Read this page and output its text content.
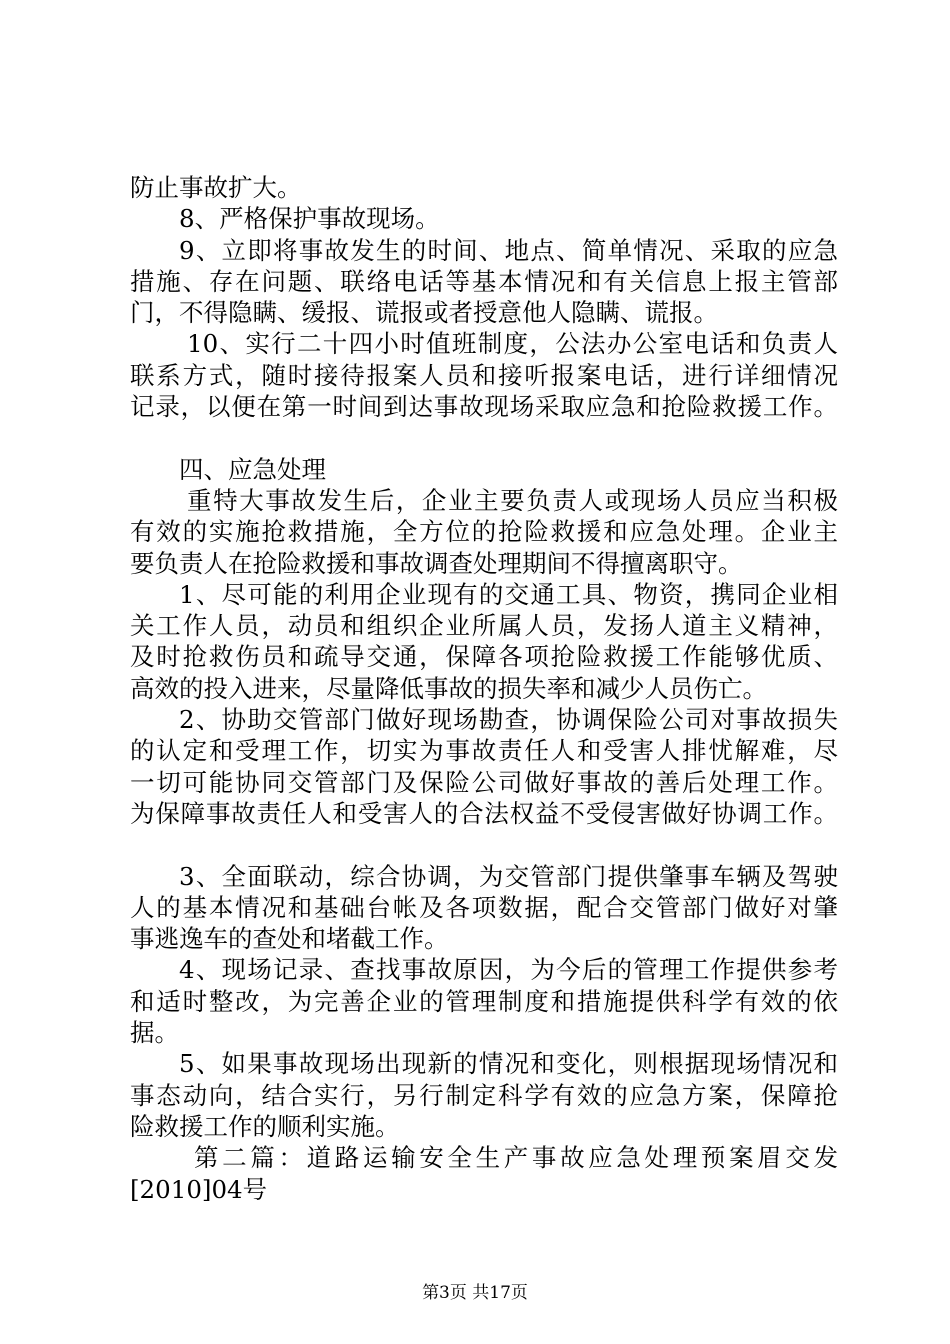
防止事故扩大。
8、严格保护事故现场。
9、立即将事故发生的时间、地点、简单情况、采取的应急
措施、存在问题、联络电话等基本情况和有关信息上报主管部
门，不得隐瞒、缓报、谎报或者授意他人隐瞒、谎报。
10、实行二十四小时值班制度，公法办公室电话和负责人
联系方式，随时接待报案人员和接听报案电话，进行详细情况
记录，以便在第一时间到达事故现场采取应急和抢险救援工作。
四、应急处理
重特大事故发生后，企业主要负责人或现场人员应当积极
有效的实施抢救措施，全方位的抢险救援和应急处理。企业主
要负责人在抢险救援和事故调查处理期间不得擅离职守。
1、尽可能的利用企业现有的交通工具、物资，携同企业相
关工作人员，动员和组织企业所属人员，发扬人道主义精神，
及时抢救伤员和疏导交通，保障各项抢险救援工作能够优质、
高效的投入进来，尽量降低事故的损失率和减少人员伤亡。
2、协助交管部门做好现场勘查，协调保险公司对事故损失
的认定和受理工作，切实为事故责任人和受害人排忧解难，尽
一切可能协同交管部门及保险公司做好事故的善后处理工作。
为保障事故责任人和受害人的合法权益不受侵害做好协调工作。
3、全面联动，综合协调，为交管部门提供肇事车辆及驾驶
人的基本情况和基础台帐及各项数据，配合交管部门做好对肇
事逃逸车的查处和堵截工作。
4、现场记录、查找事故原因，为今后的管理工作提供参考
和适时整改，为完善企业的管理制度和措施提供科学有效的依
据。
5、如果事故现场出现新的情况和变化，则根据现场情况和
事态动向，结合实行，另行制定科学有效的应急方案，保障抢
险救援工作的顺利实施。
第二篇：道路运输安全生产事故应急处理预案眉交发
[2010]04号
第3页 共17页
